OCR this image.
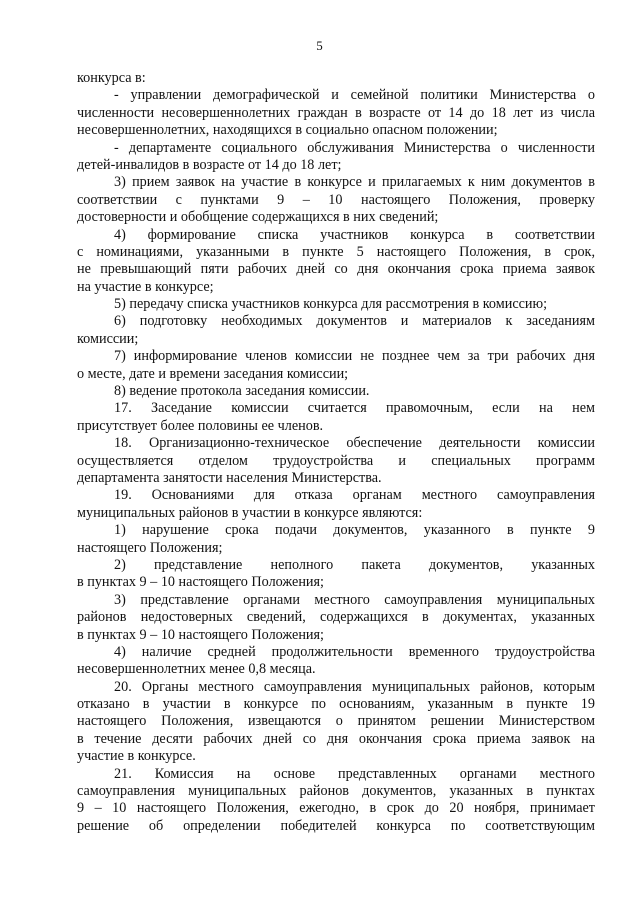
5
конкурса в:
- управлении демографической и семейной политики Министерства о
численности несовершеннолетних граждан в возрасте от 14 до 18 лет из числа
несовершеннолетних, находящихся в социально опасном положении;
- департаменте социального обслуживания Министерства о численности
детей-инвалидов в возрасте от 14 до 18 лет;
3) прием заявок на участие в конкурсе и прилагаемых к ним документов в
соответствии с пунктами 9 – 10 настоящего Положения, проверку
достоверности и обобщение содержащихся в них сведений;
4) формирование списка участников конкурса в соответствии
с номинациями, указанными в пункте 5 настоящего Положения, в срок,
не превышающий пяти рабочих дней со дня окончания срока приема заявок
на участие в конкурсе;
5) передачу списка участников конкурса для рассмотрения в комиссию;
6) подготовку необходимых документов и материалов к заседаниям
комиссии;
7) информирование членов комиссии не позднее чем за три рабочих дня
о месте, дате и времени заседания комиссии;
8) ведение протокола заседания комиссии.
17. Заседание комиссии считается правомочным, если на нем
присутствует более половины ее членов.
18. Организационно-техническое обеспечение деятельности комиссии
осуществляется отделом трудоустройства и специальных программ
департамента занятости населения Министерства.
19. Основаниями для отказа органам местного самоуправления
муниципальных районов в участии в конкурсе являются:
1) нарушение срока подачи документов, указанного в пункте 9
настоящего Положения;
2) представление неполного пакета документов, указанных
в пунктах 9 – 10 настоящего Положения;
3) представление органами местного самоуправления муниципальных
районов недостоверных сведений, содержащихся в документах, указанных
в пунктах 9 – 10 настоящего Положения;
4) наличие средней продолжительности временного трудоустройства
несовершеннолетних менее 0,8 месяца.
20. Органы местного самоуправления муниципальных районов, которым
отказано в участии в конкурсе по основаниям, указанным в пункте 19
настоящего Положения, извещаются о принятом решении Министерством
в течение десяти рабочих дней со дня окончания срока приема заявок на
участие в конкурсе.
21. Комиссия на основе представленных органами местного
самоуправления муниципальных районов документов, указанных в пунктах
9 – 10 настоящего Положения, ежегодно, в срок до 20 ноября, принимает
решение об определении победителей конкурса по соответствующим
